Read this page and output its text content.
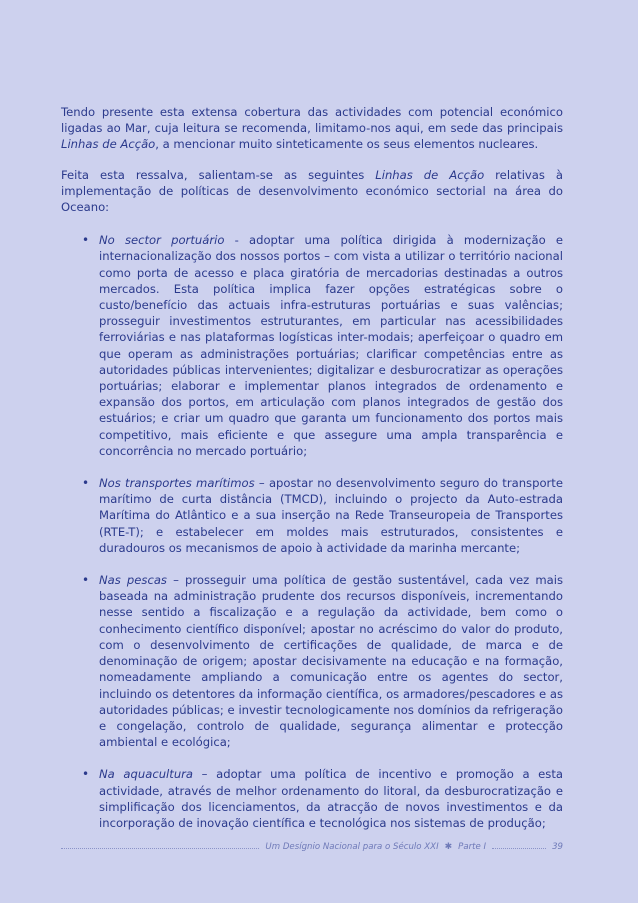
Tendo presente esta extensa cobertura das actividades com potencial económico ligadas ao Mar, cuja leitura se recomenda, limitamo-nos aqui, em sede das principais Linhas de Acção, a mencionar muito sinteticamente os seus elementos nucleares.

Feita esta ressalva, salientam-se as seguintes Linhas de Acção relativas à implementação de políticas de desenvolvimento económico sectorial na área do Oceano:

• No sector portuário - adoptar uma política dirigida à modernização e internacionalização dos nossos portos – com vista a utilizar o território nacional como porta de acesso e placa giratória de mercadorias destinadas a outros mercados. Esta política implica fazer opções estratégicas sobre o custo/benefício das actuais infra-estruturas portuárias e suas valências; prosseguir investimentos estruturantes, em particular nas acessibilidades ferroviárias e nas plataformas logísticas inter-modais; aperfeiçoar o quadro em que operam as administrações portuárias; clarificar competências entre as autoridades públicas intervenientes; digitalizar e desburocratizar as operações portuárias; elaborar e implementar planos integrados de ordenamento e expansão dos portos, em articulação com planos integrados de gestão dos estuários; e criar um quadro que garanta um funcionamento dos portos mais competitivo, mais eficiente e que assegure uma ampla transparência e concorrência no mercado portuário;
• Nos transportes marítimos – apostar no desenvolvimento seguro do transporte marítimo de curta distância (TMCD), incluindo o projecto da Auto-estrada Marítima do Atlântico e a sua inserção na Rede Transeuropeia de Transportes (RTE-T); e estabelecer em moldes mais estruturados, consistentes e duradouros os mecanismos de apoio à actividade da marinha mercante;
• Nas pescas – prosseguir uma política de gestão sustentável, cada vez mais baseada na administração prudente dos recursos disponíveis, incrementando nesse sentido a fiscalização e a regulação da actividade, bem como o conhecimento científico disponível; apostar no acréscimo do valor do produto, com o desenvolvimento de certificações de qualidade, de marca e de denominação de origem; apostar decisivamente na educação e na formação, nomeadamente ampliando a comunicação entre os agentes do sector, incluindo os detentores da informação científica, os armadores/pescadores e as autoridades públicas; e investir tecnologicamente nos domínios da refrigeração e congelação, controlo de qualidade, segurança alimentar e protecção ambiental e ecológica;
• Na aquacultura – adoptar uma política de incentivo e promoção a esta actividade, através de melhor ordenamento do litoral, da desburocratização e simplificação dos licenciamentos, da atracção de novos investimentos e da incorporação de inovação científica e tecnológica nos sistemas de produção;
Um Desígnio Nacional para o Século XXI ✱ Parte I	39
